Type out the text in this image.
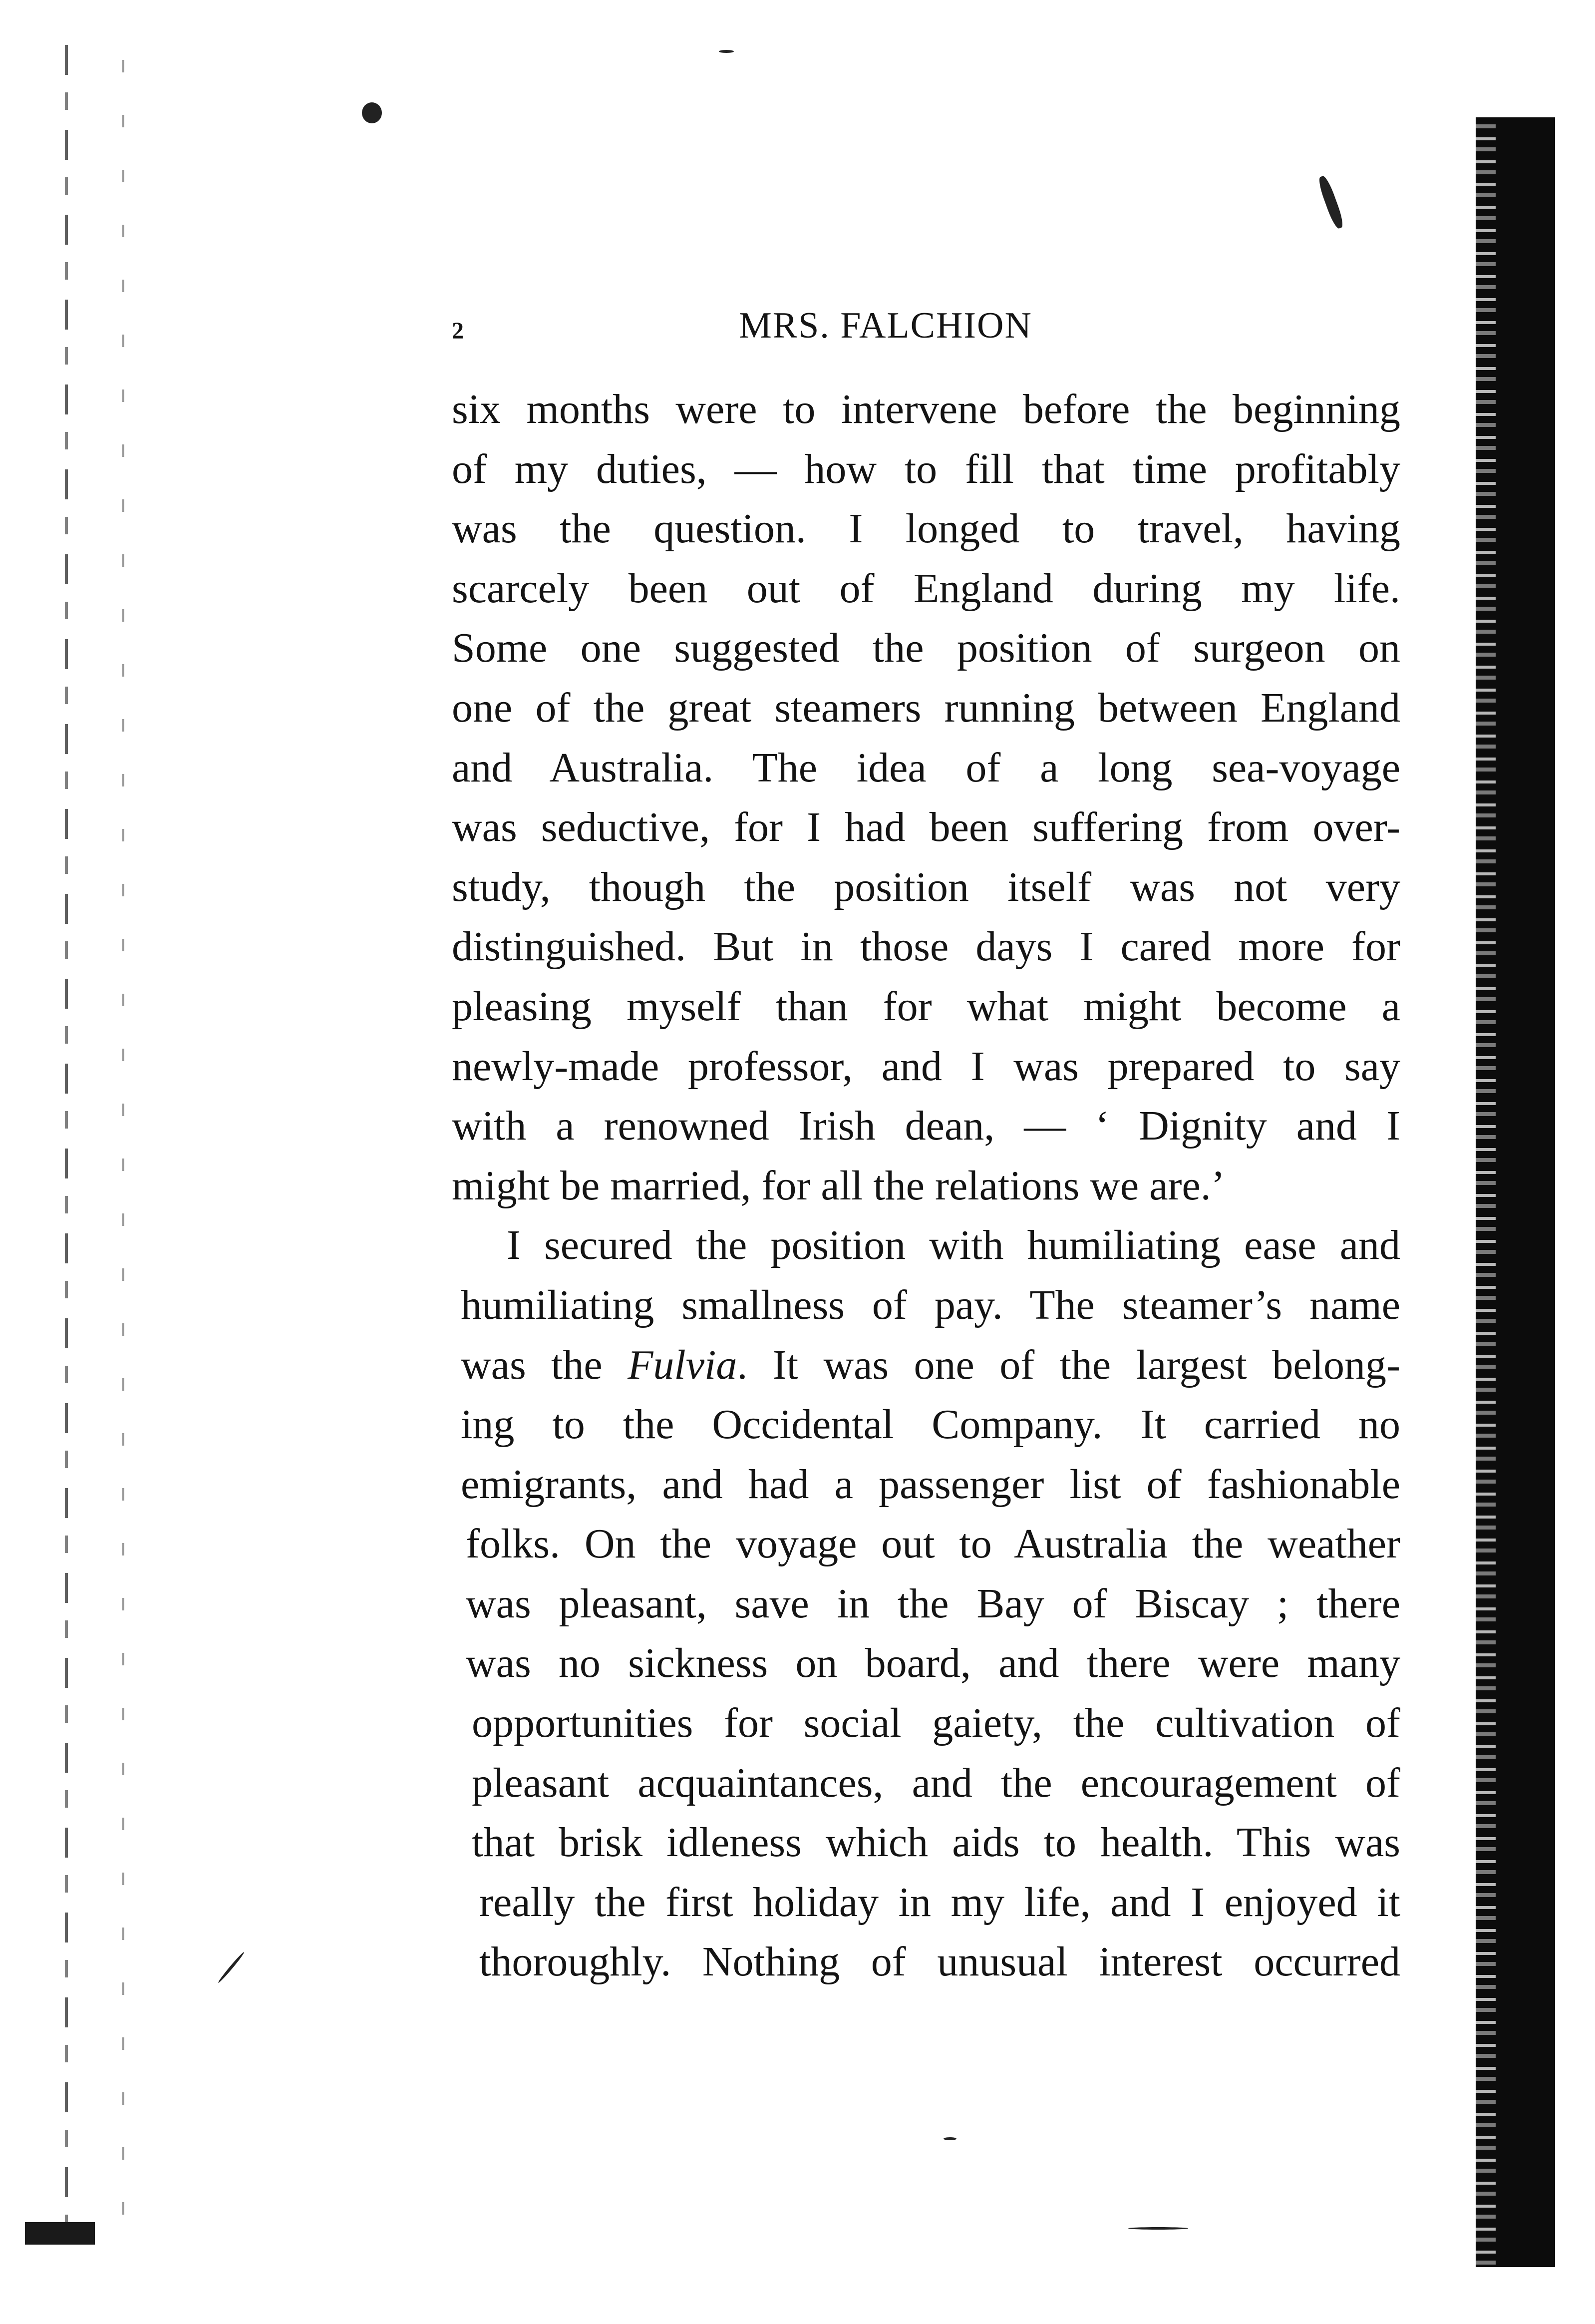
2	MRS. FALCHION
six months were to intervene before the beginning
of my duties, — how to fill that time profitably
was the question. I longed to travel, having
scarcely been out of England during my life.
Some one suggested the position of surgeon on
one of the great steamers running between England
and Australia. The idea of a long sea-voyage
was seductive, for I had been suffering from over-
study, though the position itself was not very
distinguished. But in those days I cared more for
pleasing myself than for what might become a
newly-made professor, and I was prepared to say
with a renowned Irish dean, — ‘ Dignity and I
might be married, for all the relations we are.’
I secured the position with humiliating ease and
humiliating smallness of pay. The steamer’s name
was the Fulvia. It was one of the largest belong-
ing to the Occidental Company. It carried no
emigrants, and had a passenger list of fashionable
folks. On the voyage out to Australia the weather
was pleasant, save in the Bay of Biscay ; there
was no sickness on board, and there were many
opportunities for social gaiety, the cultivation of
pleasant acquaintances, and the encouragement of
that brisk idleness which aids to health. This was
really the first holiday in my life, and I enjoyed it
thoroughly. Nothing of unusual interest occurred
